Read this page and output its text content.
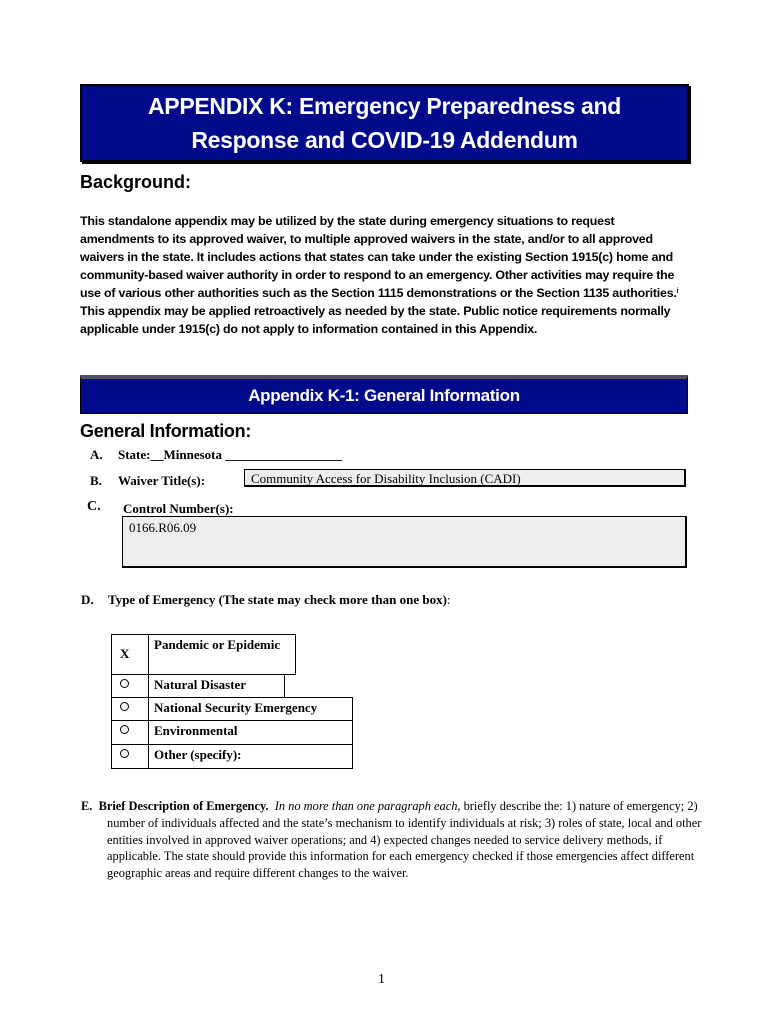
APPENDIX K: Emergency Preparedness and
Response and COVID-19 Addendum
Background:
This standalone appendix may be utilized by the state during emergency situations to request amendments to its approved waiver, to multiple approved waivers in the state, and/or to all approved waivers in the state. It includes actions that states can take under the existing Section 1915(c) home and community-based waiver authority in order to respond to an emergency. Other activities may require the use of various other authorities such as the Section 1115 demonstrations or the Section 1135 authorities.$^i$ This appendix may be applied retroactively as needed by the state. Public notice requirements normally applicable under 1915(c) do not apply to information contained in this Appendix.
Appendix K-1: General Information
General Information:
A. State:__Minnesota __________________
B. Waiver Title(s):	Community Access for Disability Inclusion (CADI)
C. Control Number(s):
0166.R06.09
D. Type of Emergency (The state may check more than one box):
X
Pandemic or Epidemic
Natural Disaster
National Security Emergency
Environmental
Other (specify):
E. Brief Description of Emergency. In no more than one paragraph each, briefly describe the: 1) nature of emergency; 2) number of individuals affected and the state’s mechanism to identify individuals at risk; 3) roles of state, local and other entities involved in approved waiver operations; and 4) expected changes needed to service delivery methods, if applicable. The state should provide this information for each emergency checked if those emergencies affect different geographic areas and require different changes to the waiver.
1
